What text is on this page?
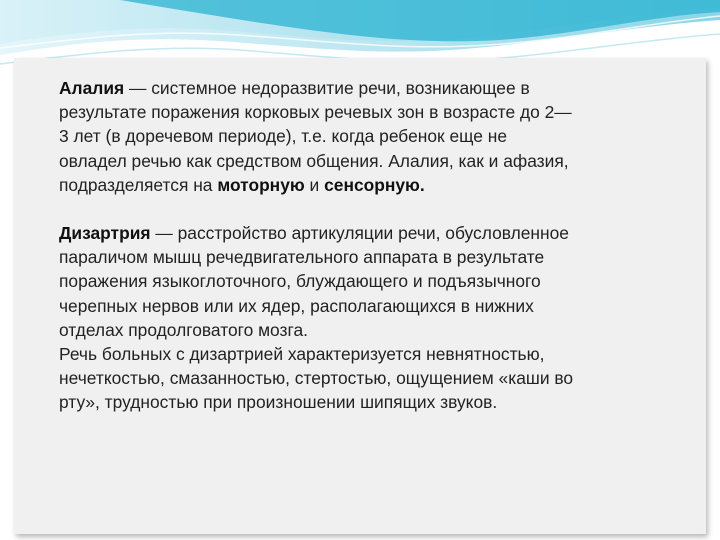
Алалия — системное недоразвитие речи, возникающее в
результате поражения корковых речевых зон в возрасте до 2—
3 лет (в доречевом периоде), т.е. когда ребенок еще не
овладел речью как средством общения. Алалия, как и афазия,
подразделяется на моторную и сенсорную.

Дизартрия — расстройство артикуляции речи, обусловленное
параличом мышц речедвигательного аппарата в результате
поражения языкоглоточного, блуждающего и подъязычного
черепных нервов или их ядер, располагающихся в нижних
отделах продолговатого мозга.

Речь больных с дизартрией характеризуется невнятностью,
нечеткостью, смазанностью, стертостью, ощущением «каши во
рту», трудностью при произношении шипящих звуков.
